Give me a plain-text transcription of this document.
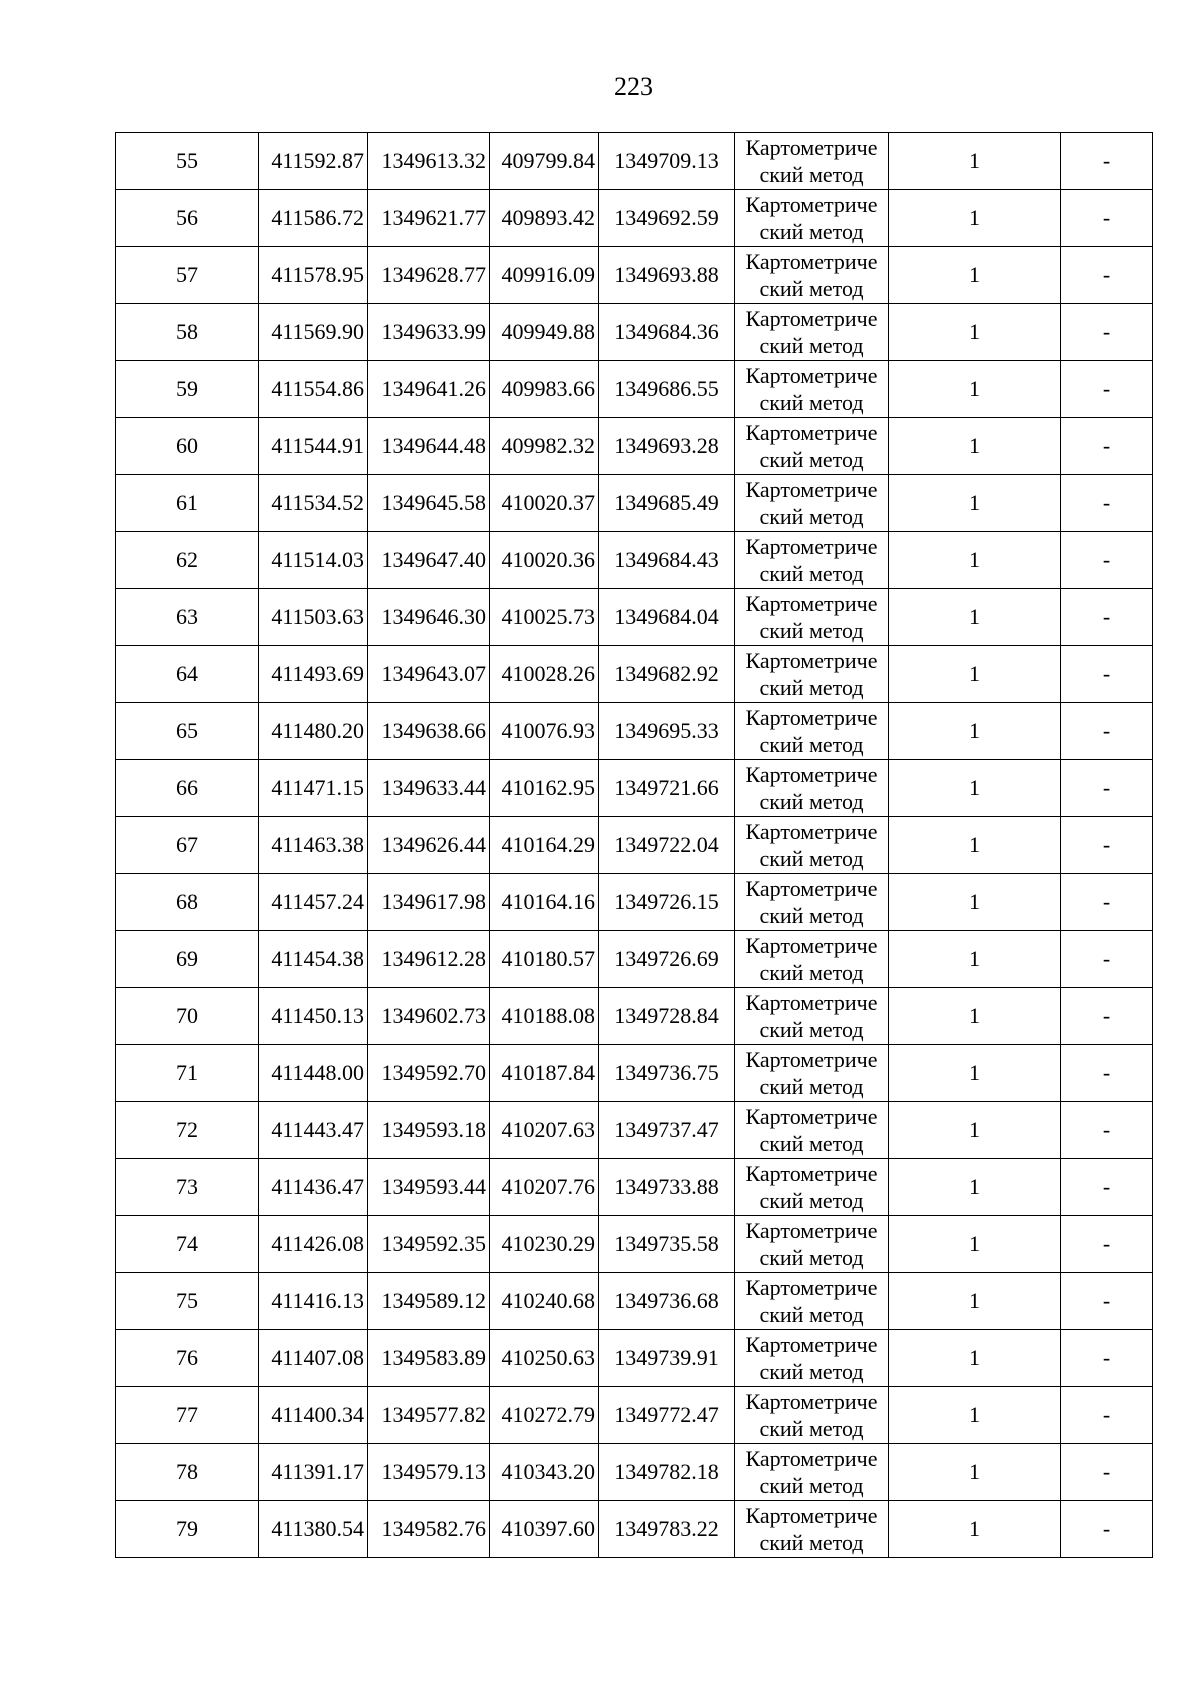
223
55	411592.87	1349613.32	409799.84	1349709.13	Картометриче
ский метод	1	-
56	411586.72	1349621.77	409893.42	1349692.59	Картометриче
ский метод	1	-
57	411578.95	1349628.77	409916.09	1349693.88	Картометриче
ский метод	1	-
58	411569.90	1349633.99	409949.88	1349684.36	Картометриче
ский метод	1	-
59	411554.86	1349641.26	409983.66	1349686.55	Картометриче
ский метод	1	-
60	411544.91	1349644.48	409982.32	1349693.28	Картометриче
ский метод	1	-
61	411534.52	1349645.58	410020.37	1349685.49	Картометриче
ский метод	1	-
62	411514.03	1349647.40	410020.36	1349684.43	Картометриче
ский метод	1	-
63	411503.63	1349646.30	410025.73	1349684.04	Картометриче
ский метод	1	-
64	411493.69	1349643.07	410028.26	1349682.92	Картометриче
ский метод	1	-
65	411480.20	1349638.66	410076.93	1349695.33	Картометриче
ский метод	1	-
66	411471.15	1349633.44	410162.95	1349721.66	Картометриче
ский метод	1	-
67	411463.38	1349626.44	410164.29	1349722.04	Картометриче
ский метод	1	-
68	411457.24	1349617.98	410164.16	1349726.15	Картометриче
ский метод	1	-
69	411454.38	1349612.28	410180.57	1349726.69	Картометриче
ский метод	1	-
70	411450.13	1349602.73	410188.08	1349728.84	Картометриче
ский метод	1	-
71	411448.00	1349592.70	410187.84	1349736.75	Картометриче
ский метод	1	-
72	411443.47	1349593.18	410207.63	1349737.47	Картометриче
ский метод	1	-
73	411436.47	1349593.44	410207.76	1349733.88	Картометриче
ский метод	1	-
74	411426.08	1349592.35	410230.29	1349735.58	Картометриче
ский метод	1	-
75	411416.13	1349589.12	410240.68	1349736.68	Картометриче
ский метод	1	-
76	411407.08	1349583.89	410250.63	1349739.91	Картометриче
ский метод	1	-
77	411400.34	1349577.82	410272.79	1349772.47	Картометриче
ский метод	1	-
78	411391.17	1349579.13	410343.20	1349782.18	Картометриче
ский метод	1	-
79	411380.54	1349582.76	410397.60	1349783.22	Картометриче
ский метод	1	-
